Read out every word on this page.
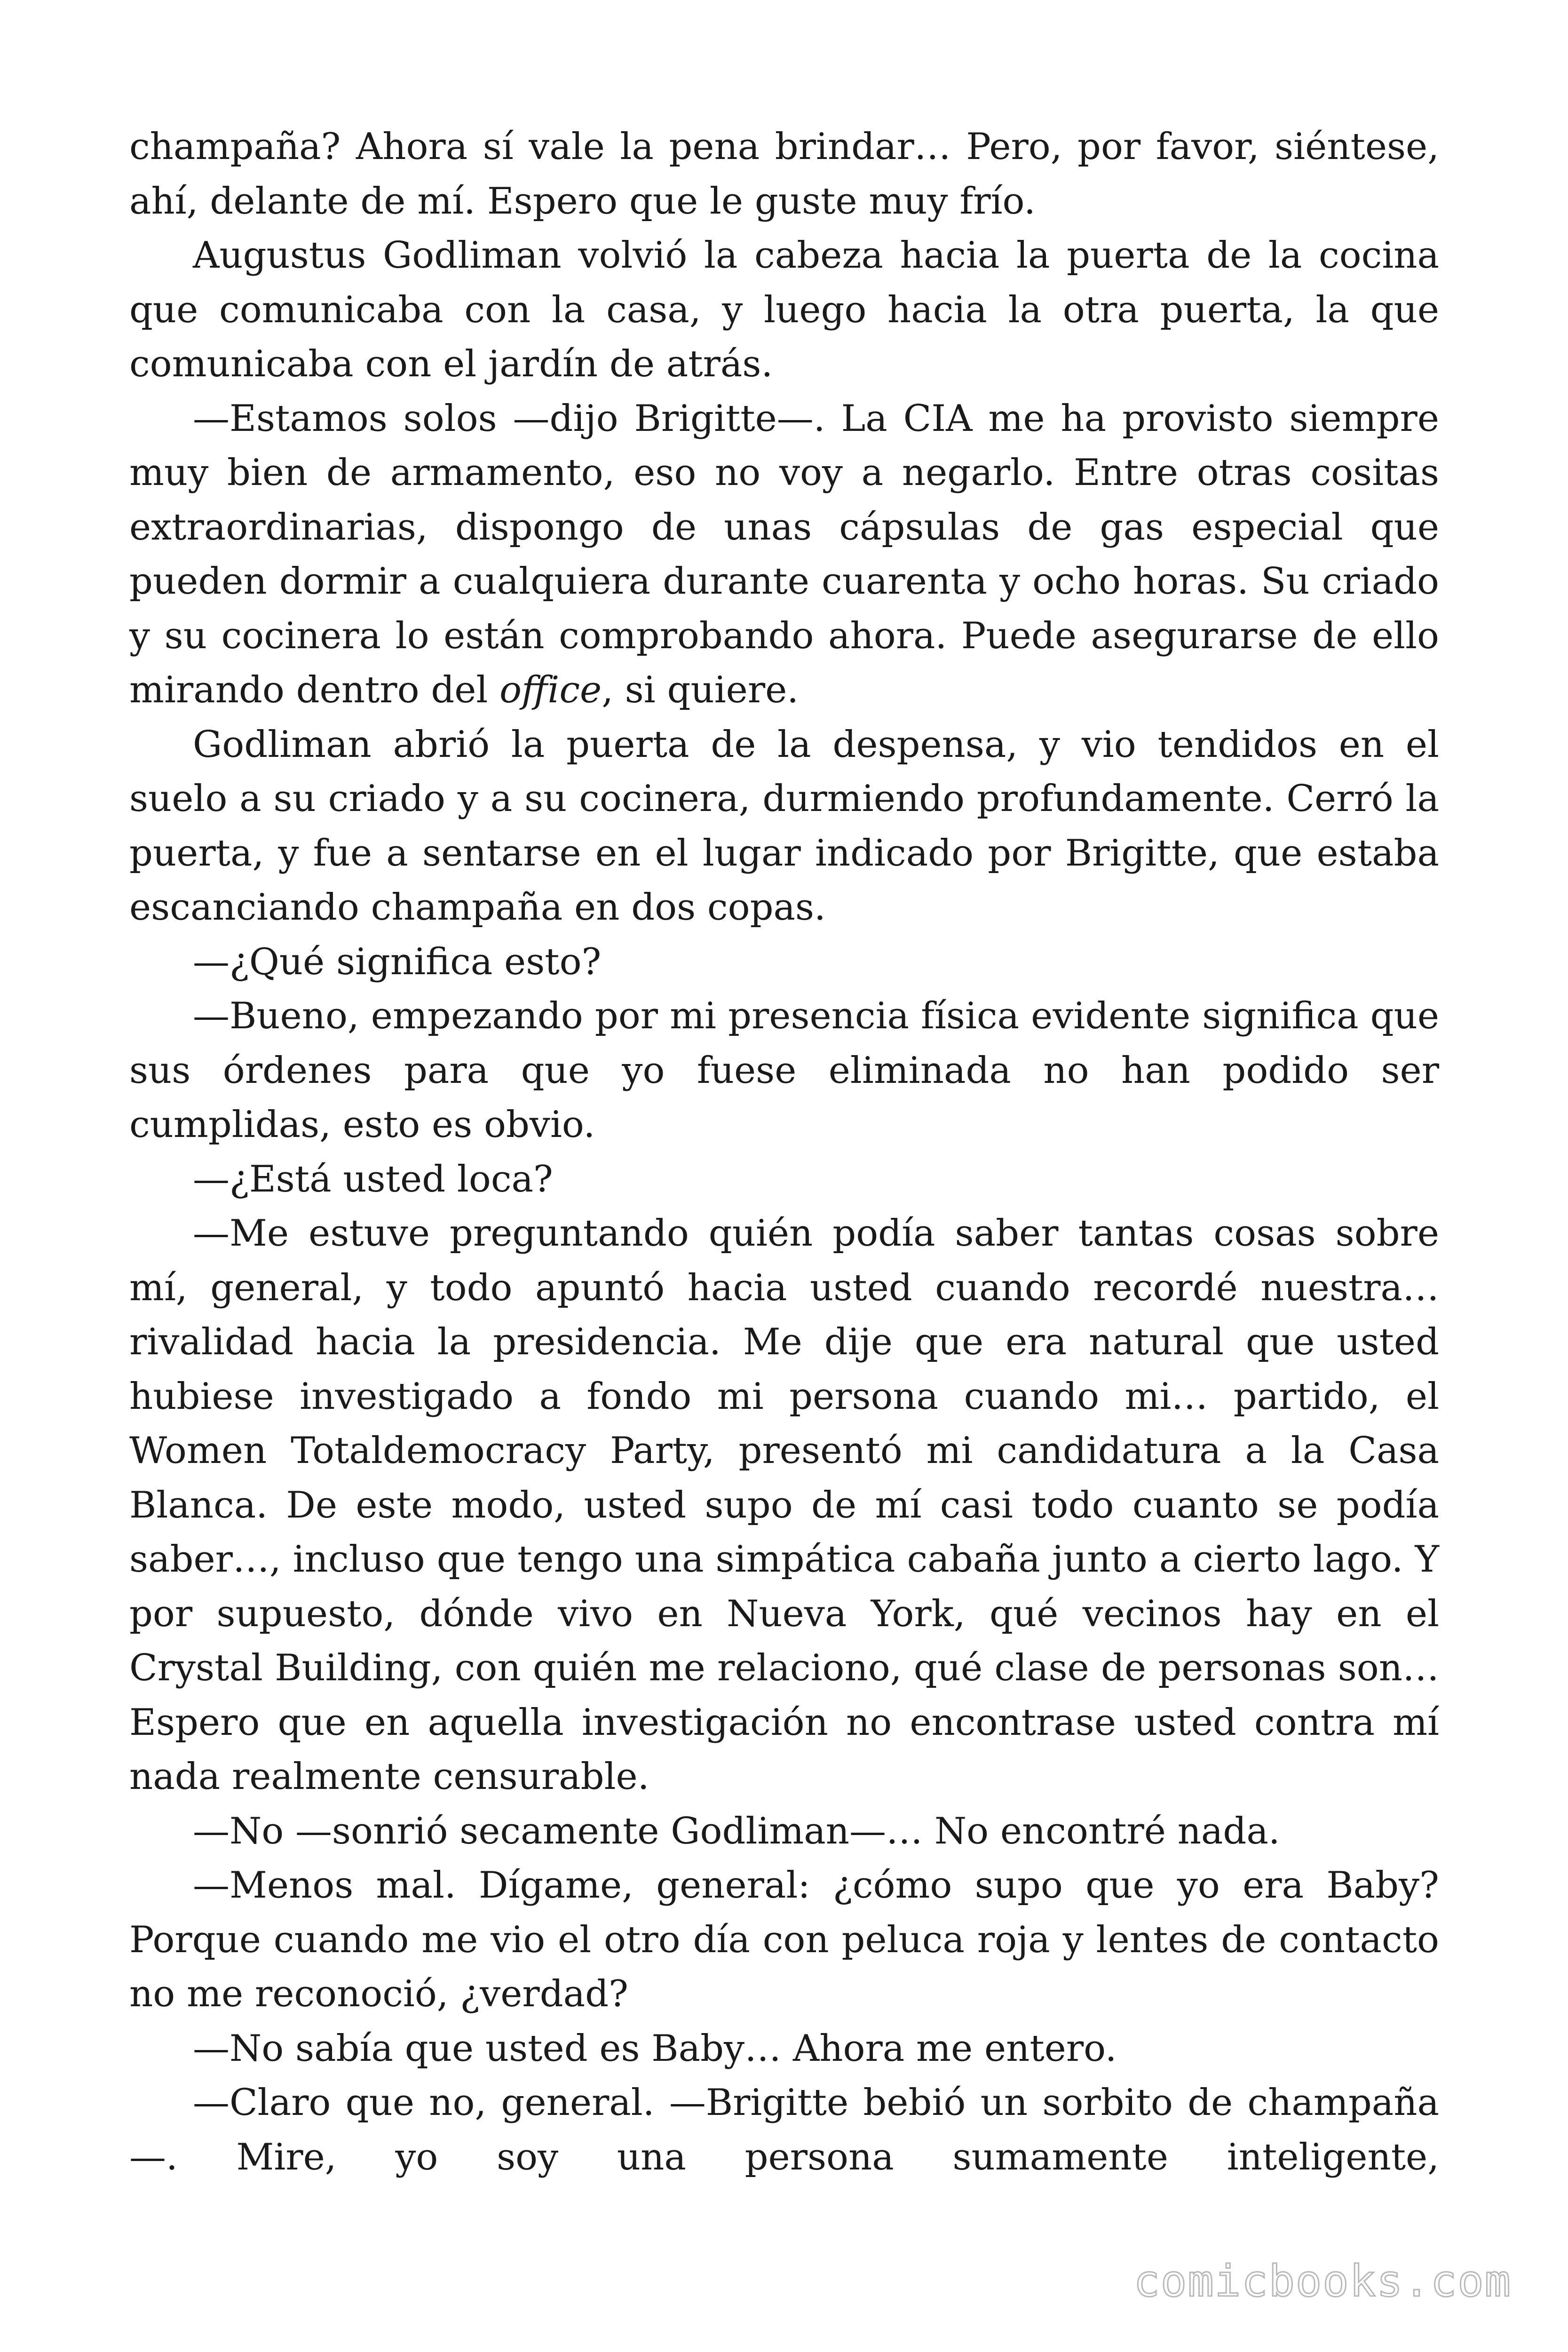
champaña? Ahora sí vale la pena brindar… Pero, por favor, siéntese, ahí, delante de mí. Espero que le guste muy frío.

Augustus Godliman volvió la cabeza hacia la puerta de la cocina que comunicaba con la casa, y luego hacia la otra puerta, la que comunicaba con el jardín de atrás.

—Estamos solos —dijo Brigitte—. La CIA me ha provisto siempre muy bien de armamento, eso no voy a negarlo. Entre otras cositas extraordinarias, dispongo de unas cápsulas de gas especial que pueden dormir a cualquiera durante cuarenta y ocho horas. Su criado y su cocinera lo están comprobando ahora. Puede asegurarse de ello mirando dentro del office, si quiere.

Godliman abrió la puerta de la despensa, y vio tendidos en el suelo a su criado y a su cocinera, durmiendo profundamente. Cerró la puerta, y fue a sentarse en el lugar indicado por Brigitte, que estaba escanciando champaña en dos copas.

—¿Qué significa esto?

—Bueno, empezando por mi presencia física evidente significa que sus órdenes para que yo fuese eliminada no han podido ser cumplidas, esto es obvio.

—¿Está usted loca?

—Me estuve preguntando quién podía saber tantas cosas sobre mí, general, y todo apuntó hacia usted cuando recordé nuestra… rivalidad hacia la presidencia. Me dije que era natural que usted hubiese investigado a fondo mi persona cuando mi… partido, el Women Totaldemocracy Party, presentó mi candidatura a la Casa Blanca. De este modo, usted supo de mí casi todo cuanto se podía saber…, incluso que tengo una simpática cabaña junto a cierto lago. Y por supuesto, dónde vivo en Nueva York, qué vecinos hay en el Crystal Building, con quién me relaciono, qué clase de personas son… Espero que en aquella investigación no encontrase usted contra mí nada realmente censurable.

—No —sonrió secamente Godliman—… No encontré nada.

—Menos mal. Dígame, general: ¿cómo supo que yo era Baby? Porque cuando me vio el otro día con peluca roja y lentes de contacto no me reconoció, ¿verdad?

—No sabía que usted es Baby… Ahora me entero.

—Claro que no, general. —Brigitte bebió un sorbito de champaña—. Mire, yo soy una persona sumamente inteligente,

comicbooks.com
